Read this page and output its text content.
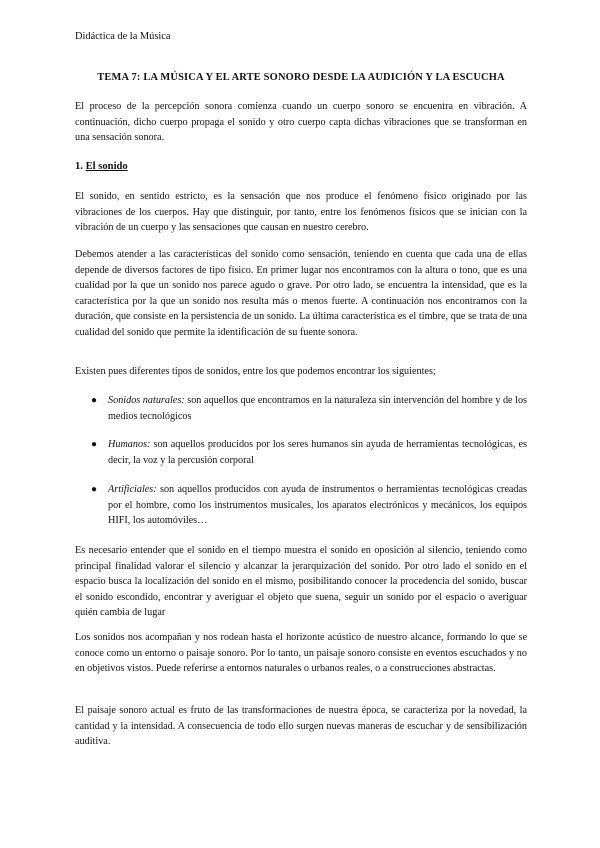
Didáctica de la Música
TEMA 7: LA MÚSICA Y EL ARTE SONORO DESDE LA AUDICIÓN Y LA ESCUCHA

El proceso de la percepción sonora comienza cuando un cuerpo sonoro se encuentra en vibración. A continuación, dicho cuerpo propaga el sonido y otro cuerpo capta dichas vibraciones que se transforman en una sensación sonora.

1. El sonido

El sonido, en sentido estricto, es la sensación que nos produce el fenómeno físico originado por las vibraciones de los cuerpos. Hay que distinguir, por tanto, entre los fenómenos físicos que se inician con la vibración de un cuerpo y las sensaciones que causan en nuestro cerebro.

Debemos atender a las características del sonido como sensación, teniendo en cuenta que cada una de ellas depende de diversos factores de tipo físico. En primer lugar nos encontramos con la altura o tono, que es una cualidad por la que un sonido nos parece agudo o grave. Por otro lado, se encuentra la intensidad, que es la característica por la que un sonido nos resulta más o menos fuerte. A continuación nos encontramos con la duración, que consiste en la persistencia de un sonido. La última característica es el timbre, que se trata de una cualidad del sonido que permite la identificación de su fuente sonora.

Existen pues diferentes tipos de sonidos, entre los que podemos encontrar los siguientes;

● Sonidos naturales: son aquellos que encontramos en la naturaleza sin intervención del hombre y de los medios tecnológicos

● Humanos: son aquellos producidos por los seres humanos sin ayuda de herramientas tecnológicas, es decir, la voz y la percusión corporal

● Artificiales: son aquellos producidos con ayuda de instrumentos o herramientas tecnológicas creadas por el hombre, como los instrumentos musicales, los aparatos electrónicos y mecánicos, los equipos HIFI, los automóviles…

Es necesario entender que el sonido en el tiempo muestra el sonido en oposición al silencio, teniendo como principal finalidad valorar el silencio y alcanzar la jerarquización del sonido. Por otro lado el sonido en el espacio busca la localización del sonido en el mismo, posibilitando conocer la procedencia del sonido, buscar el sonido escondido, encontrar y averiguar el objeto que suena, seguir un sonido por el espacio o averiguar quién cambia de lugar

Los sonidos nos acompañan y nos rodean hasta el horizonte acústico de nuestro alcance, formando lo que se conoce como un entorno o paisaje sonoro. Por lo tanto, un paisaje sonoro consiste en eventos escuchados y no en objetivos vistos. Puede referirse a entornos naturales o urbanos reales, o a construcciones abstractas.

El paisaje sonoro actual es fruto de las transformaciones de nuestra época, se caracteriza por la novedad, la cantidad y la intensidad. A consecuencia de todo ello surgen nuevas maneras de escuchar y de sensibilización auditiva.
